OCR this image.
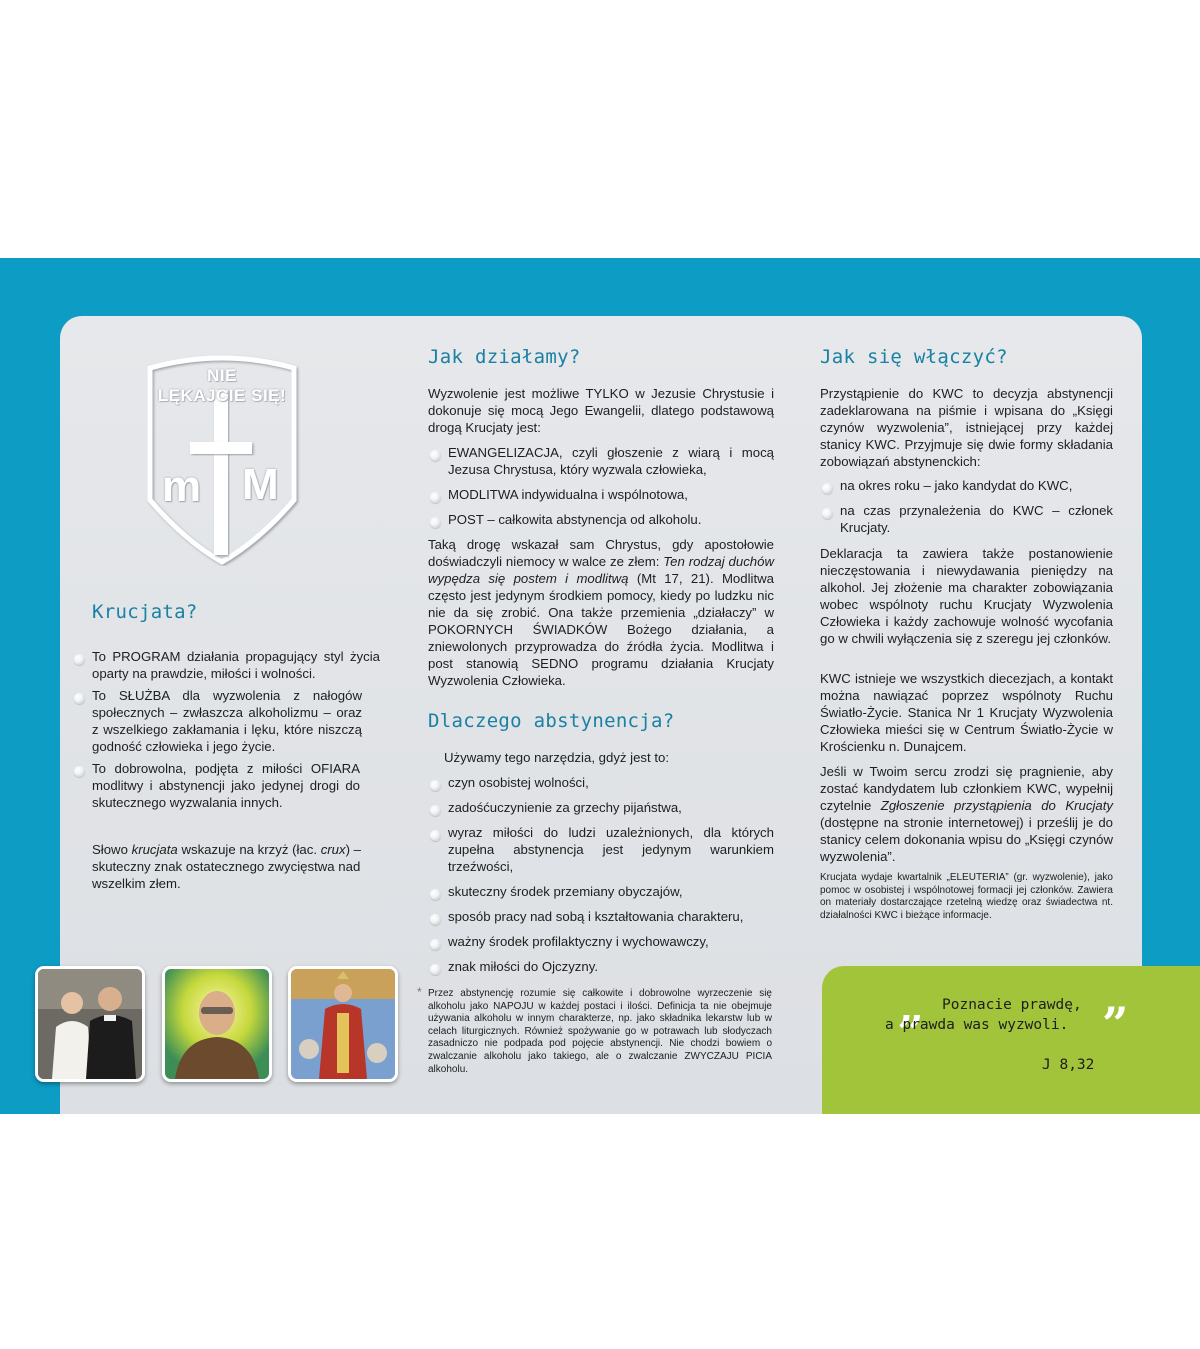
NIE
LĘKAJCIE SIĘ!
m M
Krucjata?
To PROGRAM działania propagujący styl życia oparty na prawdzie, miłości i wolności.
To SŁUŻBA dla wyzwolenia z nałogów społecznych – zwłaszcza alkoholizmu – oraz z wszelkiego zakłamania i lęku, które niszczą godność człowieka i jego życie.
To dobrowolna, podjęta z miłości OFIARA modlitwy i abstynencji jako jedynej drogi do skutecznego wyzwalania innych.

Słowo krucjata wskazuje na krzyż (łac. crux) – skuteczny znak ostatecznego zwycięstwa nad wszelkim złem.

Jak działamy?

Wyzwolenie jest możliwe TYLKO w Jezusie Chrystusie i dokonuje się mocą Jego Ewangelii, dlatego podstawową drogą Krucjaty jest:

EWANGELIZACJA, czyli głoszenie z wiarą i mocą Jezusa Chrystusa, który wyzwala człowieka,
MODLITWA indywidualna i wspólnotowa,
POST – całkowita abstynencja od alkoholu.

Taką drogę wskazał sam Chrystus, gdy apostołowie doświadczyli niemocy w walce ze złem: Ten rodzaj duchów wypędza się postem i modlitwą (Mt 17, 21). Modlitwa często jest jedynym środkiem pomocy, kiedy po ludzku nic nie da się zrobić. Ona także przemienia „działaczy” w POKORNYCH ŚWIADKÓW Bożego działania, a zniewolonych przyprowadza do źródła życia. Modlitwa i post stanowią SEDNO programu działania Krucjaty Wyzwolenia Człowieka.

Dlaczego abstynencja?

Używamy tego narzędzia, gdyż jest to:

czyn osobistej wolności,
zadośćuczynienie za grzechy pijaństwa,
wyraz miłości do ludzi uzależnionych, dla których zupełna abstynencja jest jedynym warunkiem trzeźwości,
skuteczny środek przemiany obyczajów,
sposób pracy nad sobą i kształtowania charakteru,
ważny środek profilaktyczny i wychowawczy,
znak miłości do Ojczyzny.
* Przez abstynencję rozumie się całkowite i dobrowolne wyrzeczenie się alkoholu jako NAPOJU w każdej postaci i ilości. Definicja ta nie obejmuje używania alkoholu w innym charakterze, np. jako składnika lekarstw lub w celach liturgicznych. Również spożywanie go w potrawach lub słodyczach zasadniczo nie podpada pod pojęcie abstynencji. Nie chodzi bowiem o zwalczanie alkoholu jako takiego, ale o zwalczanie ZWYCZAJU PICIA alkoholu.
Jak się włączyć?

Przystąpienie do KWC to decyzja abstynencji zadeklarowana na piśmie i wpisana do „Księgi czynów wyzwolenia”, istniejącej przy każdej stanicy KWC. Przyjmuje się dwie formy składania zobowiązań abstynenckich:

na okres roku – jako kandydat do KWC,
na czas przynależenia do KWC – członek Krucjaty.

Deklaracja ta zawiera także postanowienie nieczęstowania i niewydawania pieniędzy na alkohol. Jej złożenie ma charakter zobowiązania wobec wspólnoty ruchu Krucjaty Wyzwolenia Człowieka i każdy zachowuje wolność wycofania go w chwili wyłączenia się z szeregu jej członków.

KWC istnieje we wszystkich diecezjach, a kontakt można nawiązać poprzez wspólnoty Ruchu Światło-Życie. Stanica Nr 1 Krucjaty Wyzwolenia Człowieka mieści się w Centrum Światło-Życie w Krościenku n. Dunajcem.

Jeśli w Twoim sercu zrodzi się pragnienie, aby zostać kandydatem lub członkiem KWC, wypełnij czytelnie Zgłoszenie przystąpienia do Krucjaty (dostępne na stronie internetowej) i prześlij je do stanicy celem dokonania wpisu do „Księgi czynów wyzwolenia”.

Krucjata wydaje kwartalnik „ELEUTERIA” (gr. wyzwolenie), jako pomoc w osobistej i wspólnotowej formacji jej członków. Zawiera on materiały dostarczające rzetelną wiedzę oraz świadectwa nt. działalności KWC i bieżące informacje.
„ Poznacie prawdę,
a prawda was wyzwoli. ”
J 8,32
